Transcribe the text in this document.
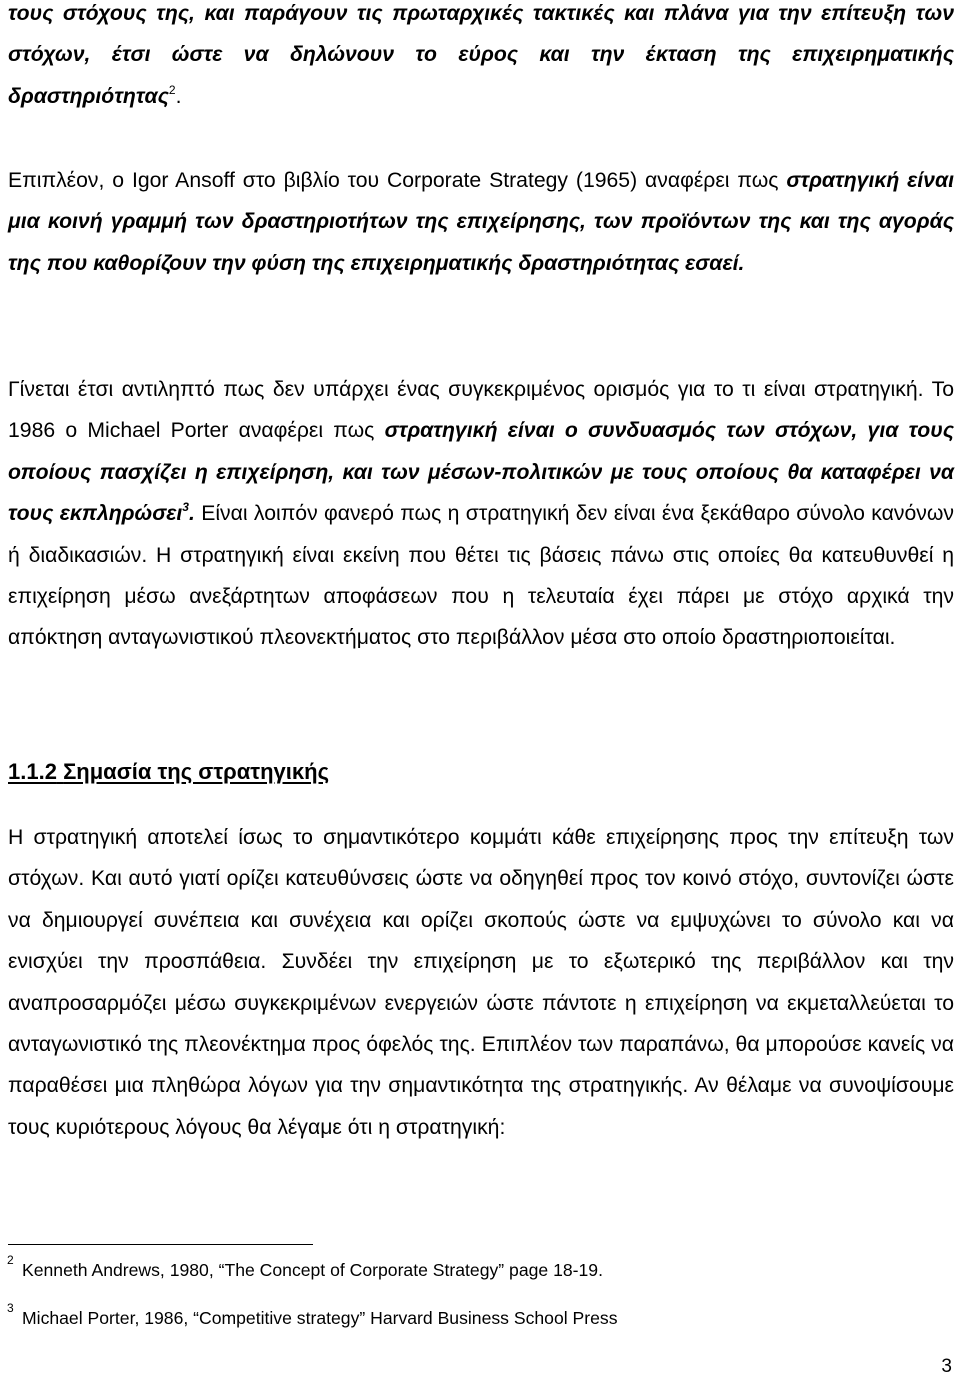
τους στόχους της, και παράγουν τις πρωταρχικές τακτικές και πλάνα για την επίτευξη των στόχων, έτσι ώστε να δηλώνουν το εύρος και την έκταση της επιχειρηματικής δραστηριότητας$^2$.

Επιπλέον, ο Igor Ansoff στο βιβλίο του Corporate Strategy (1965) αναφέρει πως στρατηγική είναι μια κοινή γραμμή των δραστηριοτήτων της επιχείρησης, των προϊόντων της και της αγοράς της που καθορίζουν την φύση της επιχειρηματικής δραστηριότητας εσαεί.

Γίνεται έτσι αντιληπτό πως δεν υπάρχει ένας συγκεκριμένος ορισμός για το τι είναι στρατηγική. Το 1986 ο Michael Porter αναφέρει πως στρατηγική είναι ο συνδυασμός των στόχων, για τους οποίους πασχίζει η επιχείρηση, και των μέσων-πολιτικών με τους οποίους θα καταφέρει να τους εκπληρώσει$^3$. Είναι λοιπόν φανερό πως η στρατηγική δεν είναι ένα ξεκάθαρο σύνολο κανόνων ή διαδικασιών. Η στρατηγική είναι εκείνη που θέτει τις βάσεις πάνω στις οποίες θα κατευθυνθεί η επιχείρηση μέσω ανεξάρτητων αποφάσεων που η τελευταία έχει πάρει με στόχο αρχικά την απόκτηση ανταγωνιστικού πλεονεκτήματος στο περιβάλλον μέσα στο οποίο δραστηριοποιείται.

1.1.2 Σημασία της στρατηγικής

Η στρατηγική αποτελεί ίσως το σημαντικότερο κομμάτι κάθε επιχείρησης προς την επίτευξη των στόχων. Και αυτό γιατί ορίζει κατευθύνσεις ώστε να οδηγηθεί προς τον κοινό στόχο, συντονίζει ώστε να δημιουργεί συνέπεια και συνέχεια και ορίζει σκοπούς ώστε να εμψυχώνει το σύνολο και να ενισχύει την προσπάθεια. Συνδέει την επιχείρηση με το εξωτερικό της περιβάλλον και την αναπροσαρμόζει μέσω συγκεκριμένων ενεργειών ώστε πάντοτε η επιχείρηση να εκμεταλλεύεται το ανταγωνιστικό της πλεονέκτημα προς όφελός της. Επιπλέον των παραπάνω, θα μπορούσε κανείς να παραθέσει μια πληθώρα λόγων για την σημαντικότητα της στρατηγικής. Αν θέλαμε να συνοψίσουμε τους κυριότερους λόγους θα λέγαμε ότι η στρατηγική:

2 Kenneth Andrews, 1980, “The Concept of Corporate Strategy” page 18-19.
3 Michael Porter, 1986, “Competitive strategy” Harvard Business School Press
3
